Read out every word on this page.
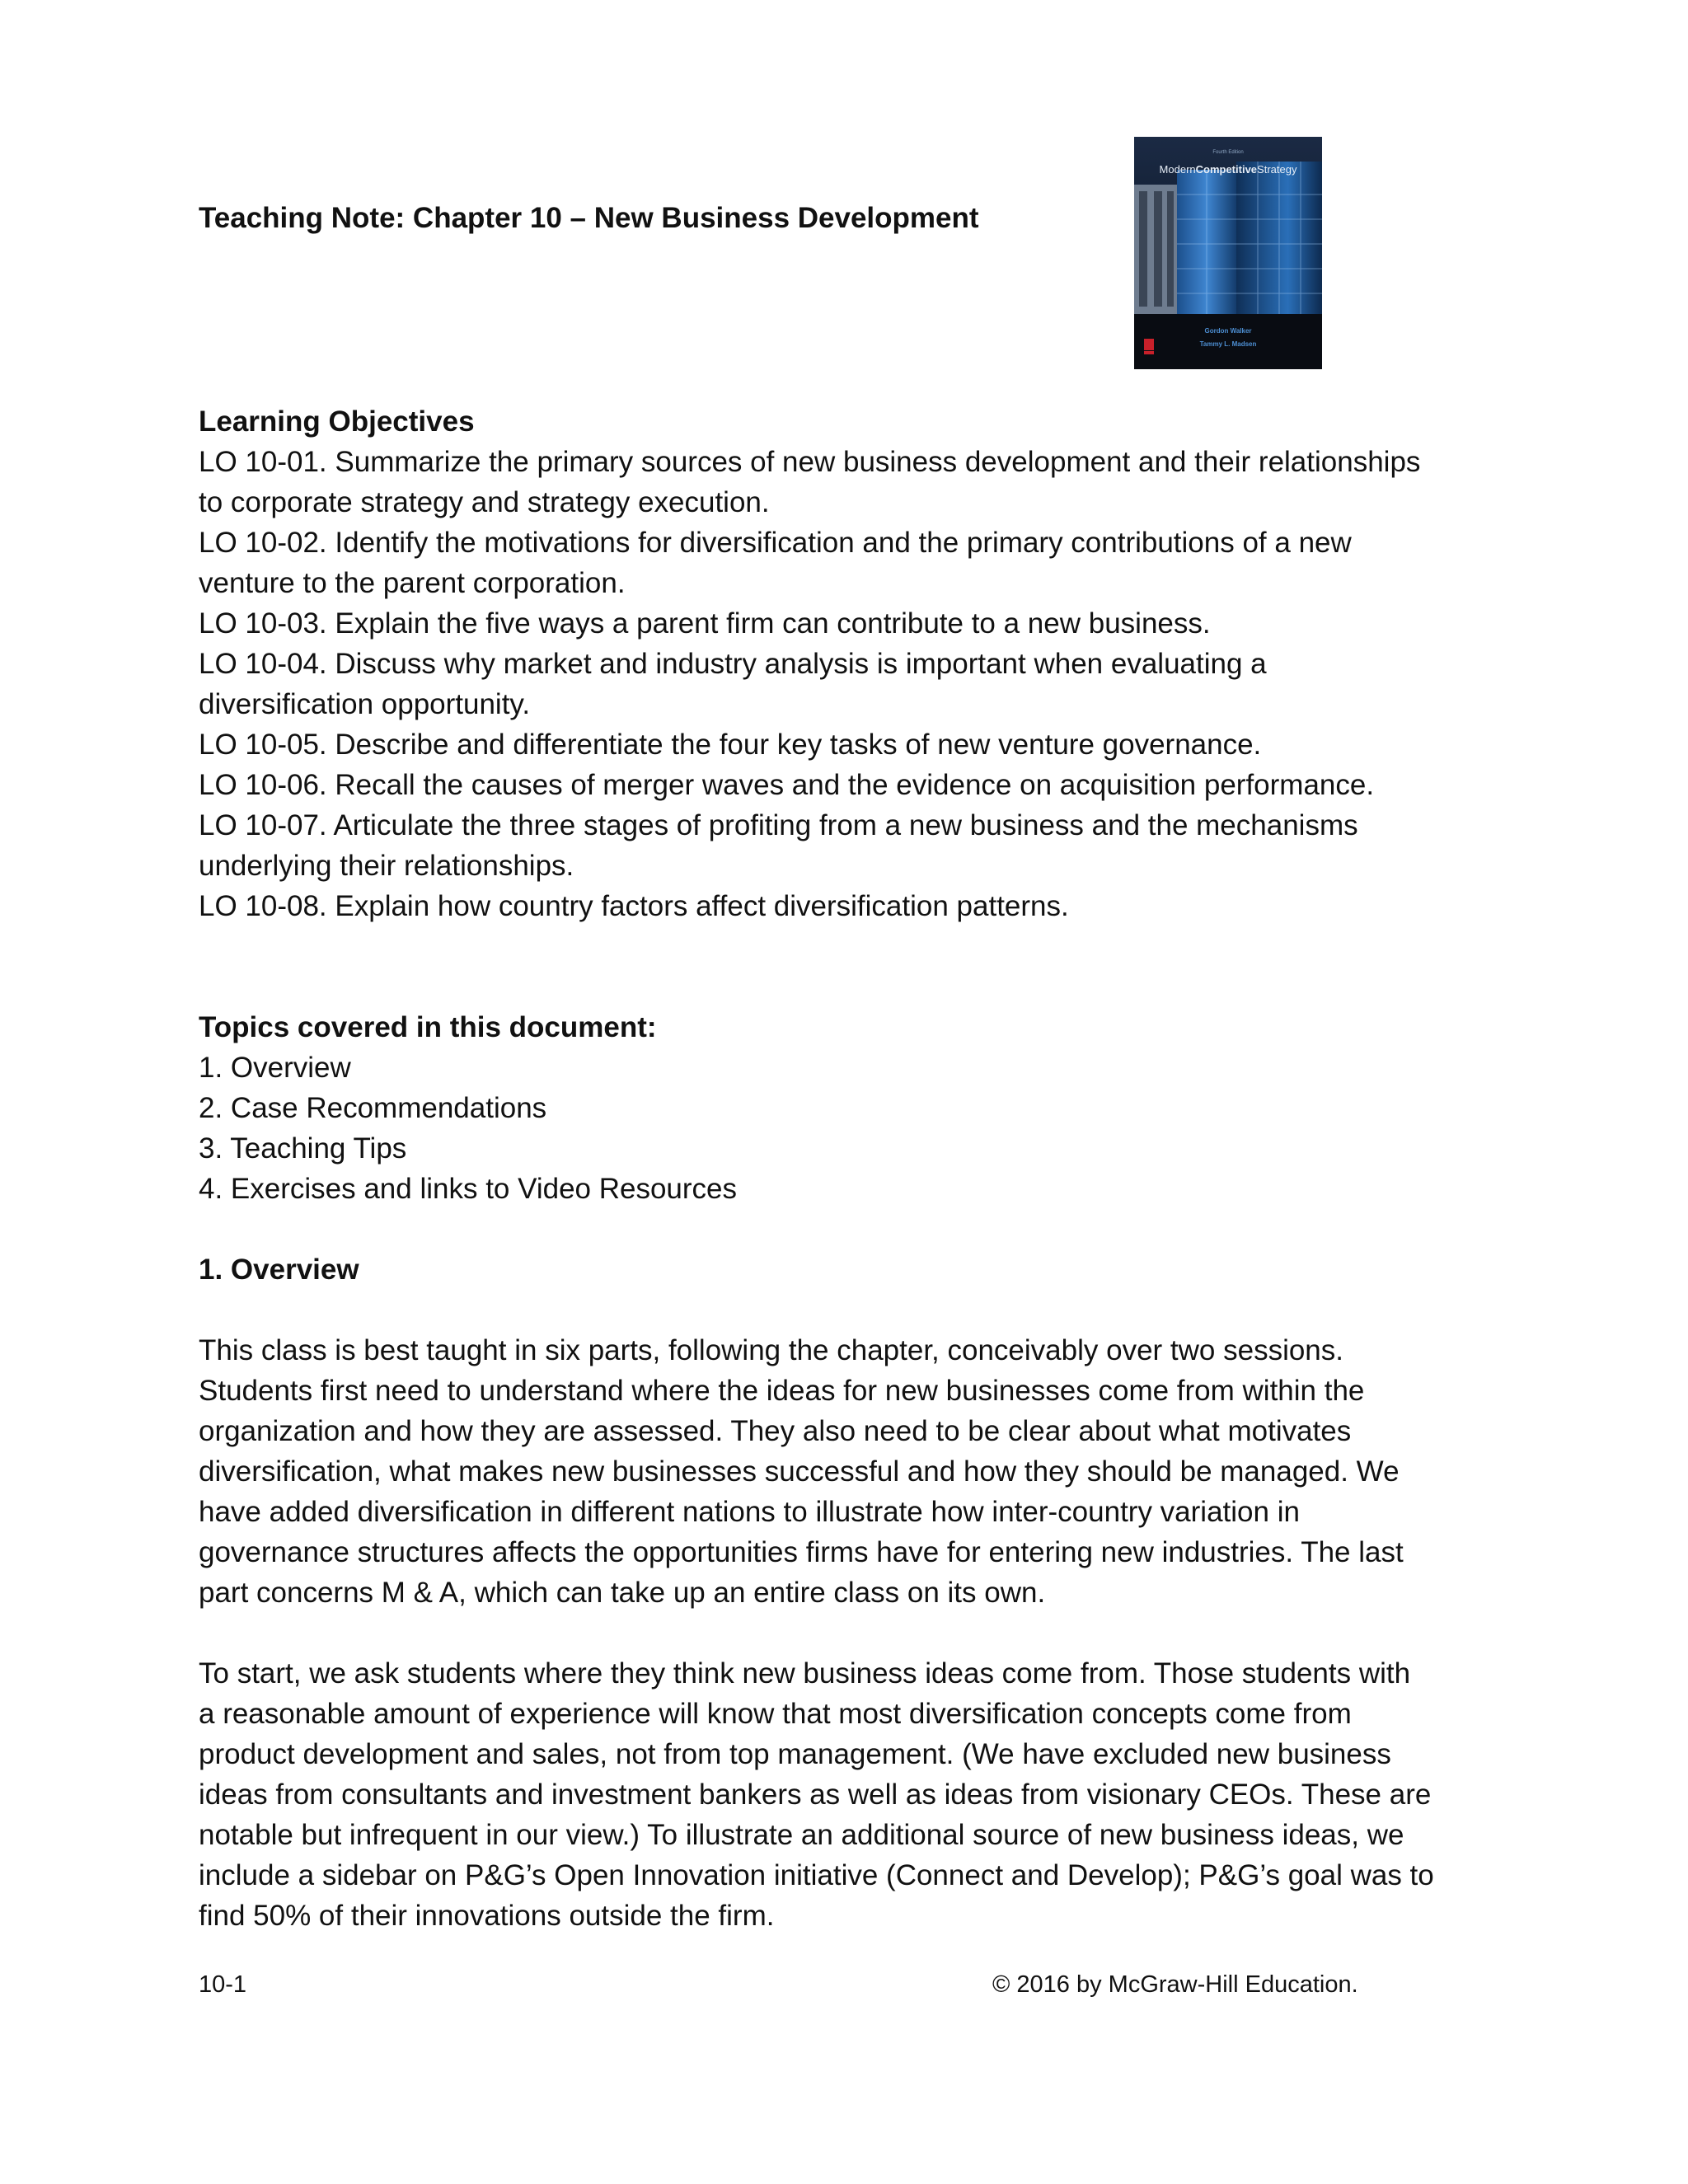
Teaching Note: Chapter 10 – New Business Development
Fourth Edition
ModernCompetitiveStrategy
Gordon Walker
Tammy L. Madsen

Learning Objectives

LO 10-01. Summarize the primary sources of new business development and their relationships

to corporate strategy and strategy execution.

LO 10-02. Identify the motivations for diversification and the primary contributions of a new

venture to the parent corporation.

LO 10-03. Explain the five ways a parent firm can contribute to a new business.

LO 10-04. Discuss why market and industry analysis is important when evaluating a

diversification opportunity.

LO 10-05. Describe and differentiate the four key tasks of new venture governance.

LO 10-06. Recall the causes of merger waves and the evidence on acquisition performance.

LO 10-07. Articulate the three stages of profiting from a new business and the mechanisms

underlying their relationships.

LO 10-08. Explain how country factors affect diversification patterns.

Topics covered in this document:

1. Overview

2. Case Recommendations

3. Teaching Tips

4. Exercises and links to Video Resources

1. Overview

This class is best taught in six parts, following the chapter, conceivably over two sessions.

Students first need to understand where the ideas for new businesses come from within the

organization and how they are assessed. They also need to be clear about what motivates

diversification, what makes new businesses successful and how they should be managed. We

have added diversification in different nations to illustrate how inter-country variation in

governance structures affects the opportunities firms have for entering new industries. The last

part concerns M & A, which can take up an entire class on its own.

To start, we ask students where they think new business ideas come from. Those students with

a reasonable amount of experience will know that most diversification concepts come from

product development and sales, not from top management. (We have excluded new business

ideas from consultants and investment bankers as well as ideas from visionary CEOs. These are

notable but infrequent in our view.) To illustrate an additional source of new business ideas, we

include a sidebar on P&G’s Open Innovation initiative (Connect and Develop); P&G’s goal was to

find 50% of their innovations outside the firm.

10-1	© 2016 by McGraw-Hill Education.
